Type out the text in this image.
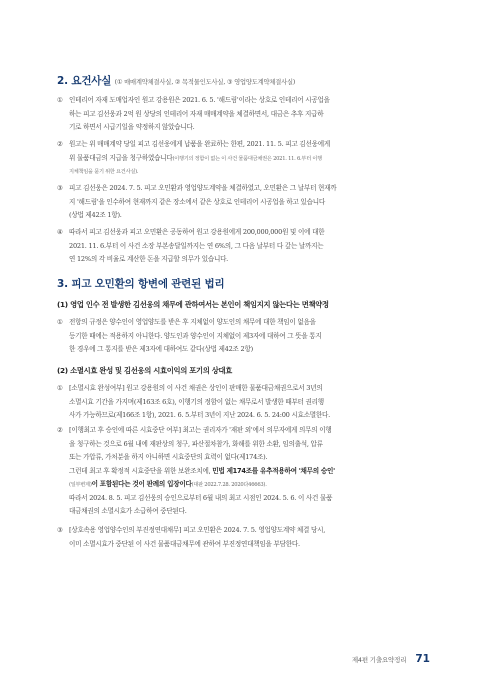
2. 요건사실 (① 매매계약체결사실, ② 목적물인도사실, ③ 영업양도계약체결사실)
① 인테리어 자재 도매업자인 원고 강용원은 2021. 6. 5. '해드림'이라는 상호로 인테리어 시공업을
하는 피고 김선웅과 2억 원 상당의 인테리어 자재 매매계약을 체결하면서, 대금은 추후 지급하
기로 하면서 시급기일을 약정하지 않았습니다.
② 원고는 위 매매계약 당일 피고 김선웅에게 납품을 완료하는 한편, 2021. 11. 5. 피고 김선웅에게
위 물품대금의 지급을 청구하였습니다(이행기의 정함이 없는 이 사건 물품대금채권은 2021. 11. 6.부터 이행
지체책임을 묻기 위한 요건사실).
③ 피고 김선웅은 2024. 7. 5. 피고 오민환과 영업양도계약을 체결하였고, 오민환은 그 날부터 현재까
지 '해드림'을 인수하여 현재까지 같은 장소에서 같은 상호로 인테리어 시공업을 하고 있습니다
(상법 제42조 1항).
④ 따라서 피고 김선웅과 피고 오민환은 공동하여 원고 강용원에게 200,000,000원 및 이에 대한
2021. 11. 6.부터 이 사건 소장 부본송달일까지는 연 6%의, 그 다음 날부터 다 갚는 날까지는
연 12%의 각 비율로 계산한 돈을 지급할 의무가 있습니다.
3. 피고 오민환의 항변에 관련된 법리
(1) 영업 인수 전 발생한 김선웅의 채무에 관하여서는 본인이 책임지지 않는다는 면책약정
① 전항의 규정은 양수인이 영업양도를 받은 후 지체없이 양도인의 채무에 대한 책임이 없음을
등기한 때에는 적용하지 아니한다. 양도인과 양수인이 지체없이 제3자에 대하여 그 뜻을 통지
한 경우에 그 통지를 받은 제3자에 대하여도 같다(상법 제42조 2항)
(2) 소멸시효 완성 및 김선웅의 시효이익의 포기의 상대효
① [소멸시효 완성여부] 원고 강용원의 이 사건 채권은 상인이 판매한 물품대금채권으로서 3년의
소멸시효 기간을 가지며(제163조 6호), 이행기의 정함이 없는 채무로서 발생한 때부터 권리행
사가 가능하므로(제166조 1항), 2021. 6. 5.부터 3년이 지난 2024. 6. 5. 24:00 시효소멸한다.
② [이행최고 후 승인에 따른 시효중단 여부] 최고는 권리자가 '재판 외'에서 의무자에게 의무의 이행
을 청구하는 것으로 6월 내에 재판상의 청구, 파산절차참가, 화해를 위한 소환, 임의출석, 압류
또는 가압류, 가처분을 하지 아니하면 시효중단의 효력이 없다(제174조).
그런데 최고 후 확정적 시효중단을 위한 보완조치에, 민법 제174조를 유추적용하여 '채무의 승인'
(일부변제)이 포함된다는 것이 판례의 입장이다(대판 2022.7.28. 2020다46663).
따라서 2024. 8. 5. 피고 김선웅의 승인으로부터 6월 내의 최고 시점인 2024. 5. 6. 이 사건 물품
대금채권의 소멸시효가 소급하여 중단된다.
③ [상호속용 영업양수인의 부진정연대채무] 피고 오민환은 2024. 7. 5. 영업양도계약 체결 당시,
이미 소멸시효가 중단된 이 사건 물품대금채무에 관하여 부진정연대책임을 부담한다.
제4편 기출요약정리 71
